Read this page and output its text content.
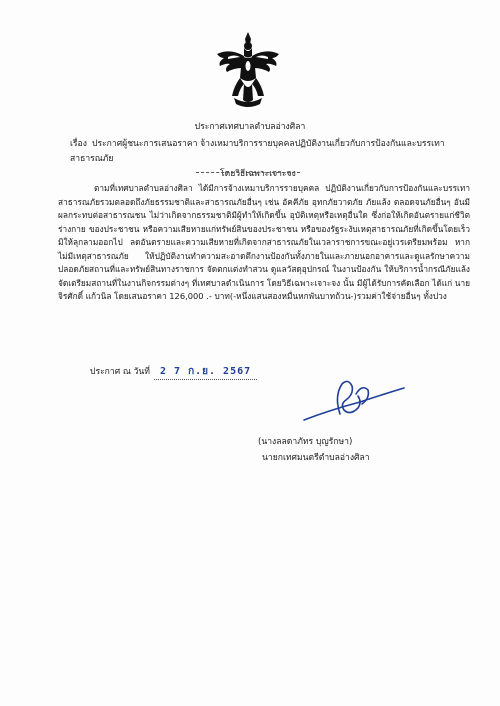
ประกาศเทศบาลตำบลอ่างศิลา
เรื่อง ประกาศผู้ชนะการเสนอราคา จ้างเหมาบริการรายบุคคลปฏิบัติงานเกี่ยวกับการป้องกันและบรรเทาสาธารณภัย
โดยวิธีเฉพาะเจาะจง

ตามที่เทศบาลตำบลอ่างศิลา ได้มีการจ้างเหมาบริการรายบุคคล ปฏิบัติงานเกี่ยวกับการป้องกันและบรรเทาสาธารณภัยรวมตลอดถึงภัยธรรมชาติและสาธารณภัยอื่นๆ เช่น อัคคีภัย อุทกภัยวาตภัย ภัยแล้ง ตลอดจนภัยอื่นๆ อันมีผลกระทบต่อสาธารณชน ไม่ว่าเกิดจากธรรมชาติมีผู้ทำให้เกิดขึ้น อุบัติเหตุหรือเหตุอื่นใด ซึ่งก่อให้เกิดอันตรายแก่ชีวิต ร่างกาย ของประชาชน หรือความเสียหายแก่ทรัพย์สินของประชาชน หรือของรัฐระงับเหตุสาธารณภัยที่เกิดขึ้นโดยเร็วมิให้ลุกลามออกไป ลดอันตรายและความเสียหายที่เกิดจากสาธารณภัยในเวลาราชการขณะอยู่เวรเตรียมพร้อม หากไม่มีเหตุสาธารณภัย ให้ปฏิบัติงานทำความสะอาดตึกงานป้องกันทั้งภายในและภายนอกอาคารและดูแลรักษาความปลอดภัยสถานที่และทรัพย์สินทางราชการ จัดตกแต่งทำสวน ดูแลวัสดุอุปกรณ์ ในงานป้องกัน ให้บริการน้ำกรณีภัยแล้ง จัดเตรียมสถานที่ในงานกิจกรรมต่างๆ ที่เทศบาลดำเนินการ โดยวิธีเฉพาะเจาะจง นั้น มีผู้ได้รับการคัดเลือก ได้แก่ นายจิรศักดิ์ แก้วนิล โดยเสนอราคา 126,000 .- บาท(-หนึ่งแสนสองหมื่นหกพันบาทถ้วน-)รวมค่าใช้จ่ายอื่นๆ ทั้งปวง

ประกาศ ณ วันที่ 2 7 ก.ย. 2567
(นางลลดาภัทร บุญรักษา)
นายกเทศมนตรีตำบลอ่างศิลา
